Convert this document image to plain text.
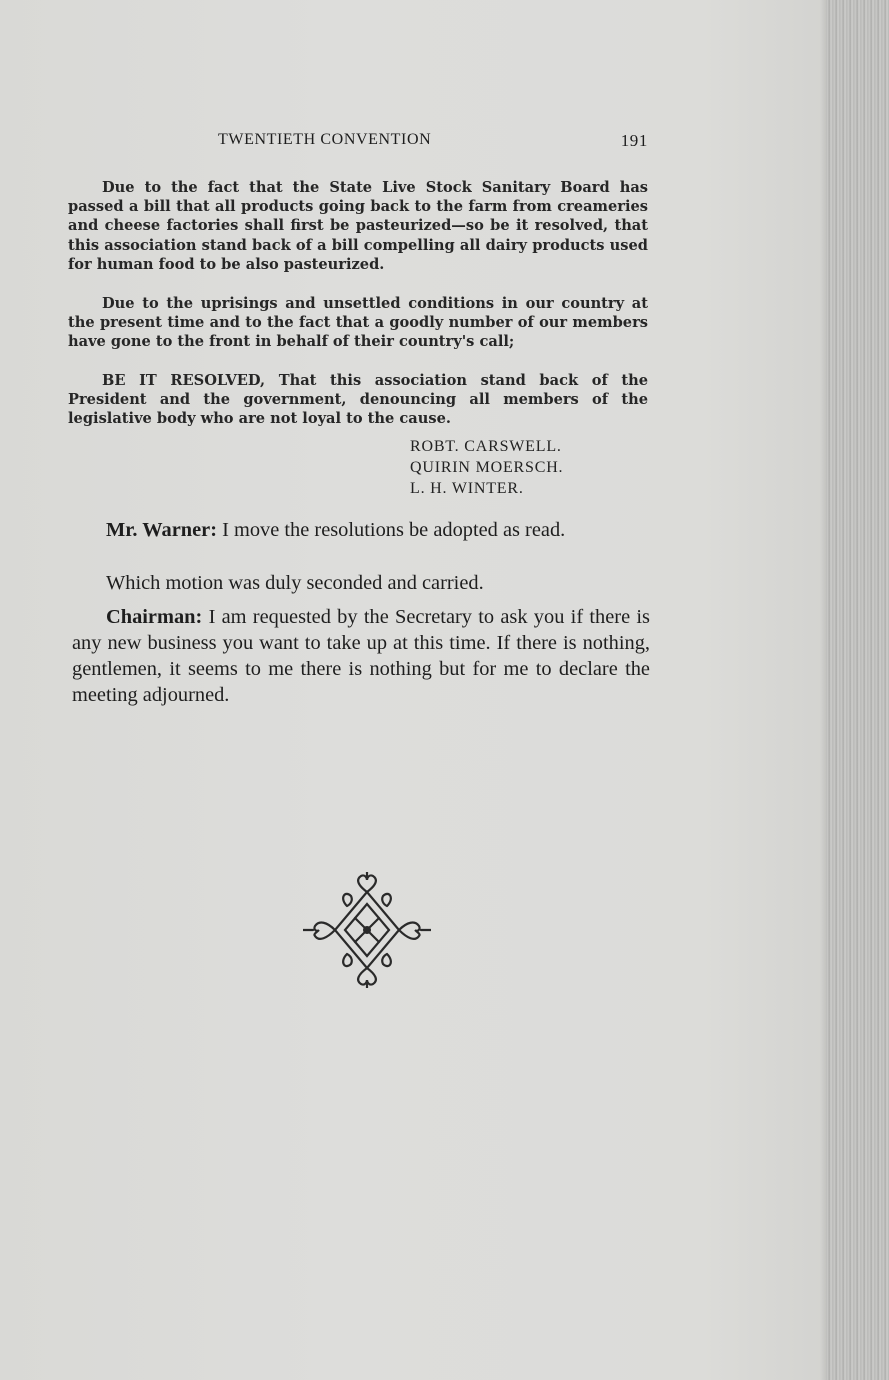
TWENTIETH CONVENTION	191

Due to the fact that the State Live Stock Sanitary Board has passed a bill that all products going back to the farm from creameries and cheese factories shall first be pasteurized—so be it resolved, that this association stand back of a bill compelling all dairy products used for human food to be also pasteurized.

Due to the uprisings and unsettled conditions in our country at the present time and to the fact that a goodly number of our members have gone to the front in behalf of their country's call;

BE IT RESOLVED, That this association stand back of the President and the government, denouncing all members of the legislative body who are not loyal to the cause.

ROBT. CARSWELL.
QUIRIN MOERSCH.
L. H. WINTER.

Mr. Warner: I move the resolutions be adopted as read.

Which motion was duly seconded and carried.

Chairman: I am requested by the Secretary to ask you if there is any new business you want to take up at this time. If there is nothing, gentlemen, it seems to me there is nothing but for me to declare the meeting adjourned.
